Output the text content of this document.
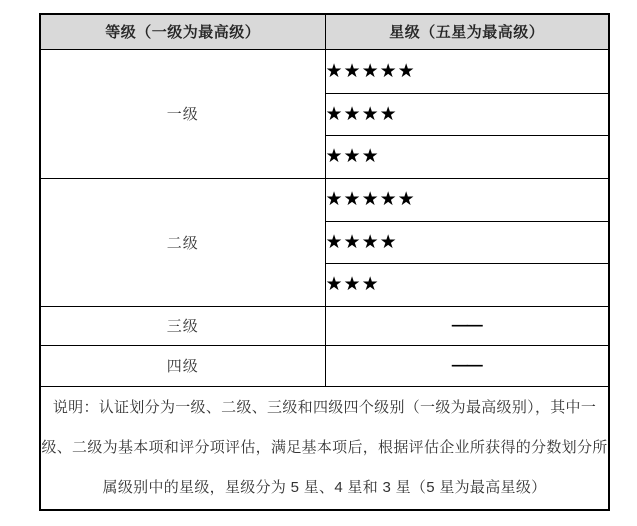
等级（一级为最高级）	星级（五星为最高级）
一级	★★★★★
	★★★★
	★★★
二级	★★★★★
	★★★★
	★★★
三级	——
四级	——

说明：认证划分为一级、二级、三级和四级四个级别（一级为最高级别），其中一级、二级为基本项和评分项评估，满足基本项后，根据评估企业所获得的分数划分所属级别中的星级，星级分为 5 星、4 星和 3 星（5 星为最高星级）	
